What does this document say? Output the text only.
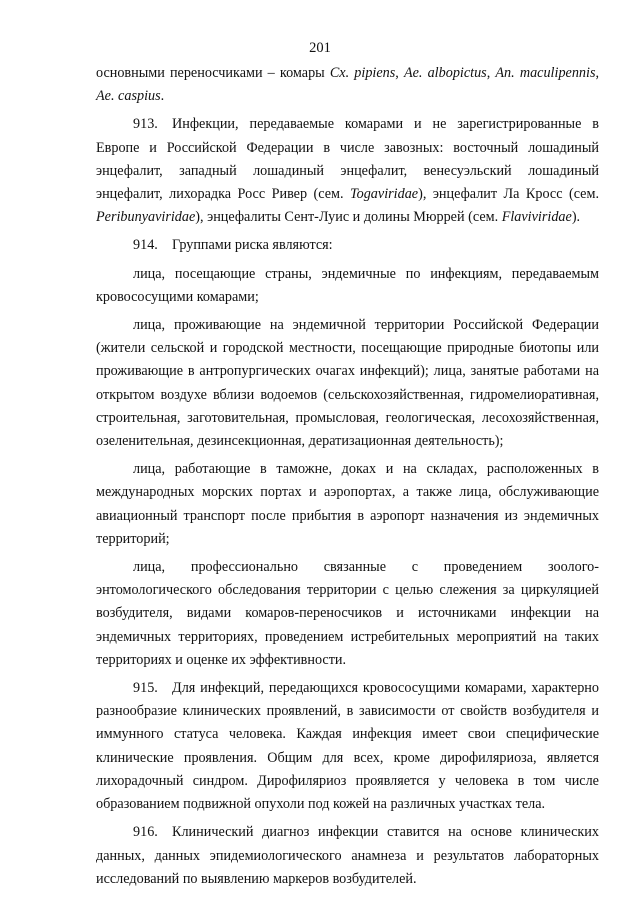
201

основными переносчиками – комары Cx. pipiens, Ae. albopictus, An. maculipennis, Ae. caspius.

913. Инфекции, передаваемые комарами и не зарегистрированные в Европе и Российской Федерации в числе завозных: восточный лошадиный энцефалит, западный лошадиный энцефалит, венесуэльский лошадиный энцефалит, лихорадка Росс Ривер (сем. Togaviridae), энцефалит Ла Кросс (сем. Peribunyaviridae), энцефалиты Сент-Луис и долины Мюррей (сем. Flaviviridae).

914. Группами риска являются:

лица, посещающие страны, эндемичные по инфекциям, передаваемым кровососущими комарами;

лица, проживающие на эндемичной территории Российской Федерации (жители сельской и городской местности, посещающие природные биотопы или проживающие в антропургических очагах инфекций); лица, занятые работами на открытом воздухе вблизи водоемов (сельскохозяйственная, гидромелиоративная, строительная, заготовительная, промысловая, геологическая, лесохозяйственная, озеленительная, дезинсекционная, дератизационная деятельность);

лица, работающие в таможне, доках и на складах, расположенных в международных морских портах и аэропортах, а также лица, обслуживающие авиационный транспорт после прибытия в аэропорт назначения из эндемичных территорий;

лица, профессионально связанные с проведением зоолого-энтомологического обследования территории с целью слежения за циркуляцией возбудителя, видами комаров-переносчиков и источниками инфекции на эндемичных территориях, проведением истребительных мероприятий на таких территориях и оценке их эффективности.

915. Для инфекций, передающихся кровососущими комарами, характерно разнообразие клинических проявлений, в зависимости от свойств возбудителя и иммунного статуса человека. Каждая инфекция имеет свои специфические клинические проявления. Общим для всех, кроме дирофиляриоза, является лихорадочный синдром. Дирофиляриоз проявляется у человека в том числе образованием подвижной опухоли под кожей на различных участках тела.

916. Клинический диагноз инфекции ставится на основе клинических данных, данных эпидемиологического анамнеза и результатов лабораторных исследований по выявлению маркеров возбудителей.
